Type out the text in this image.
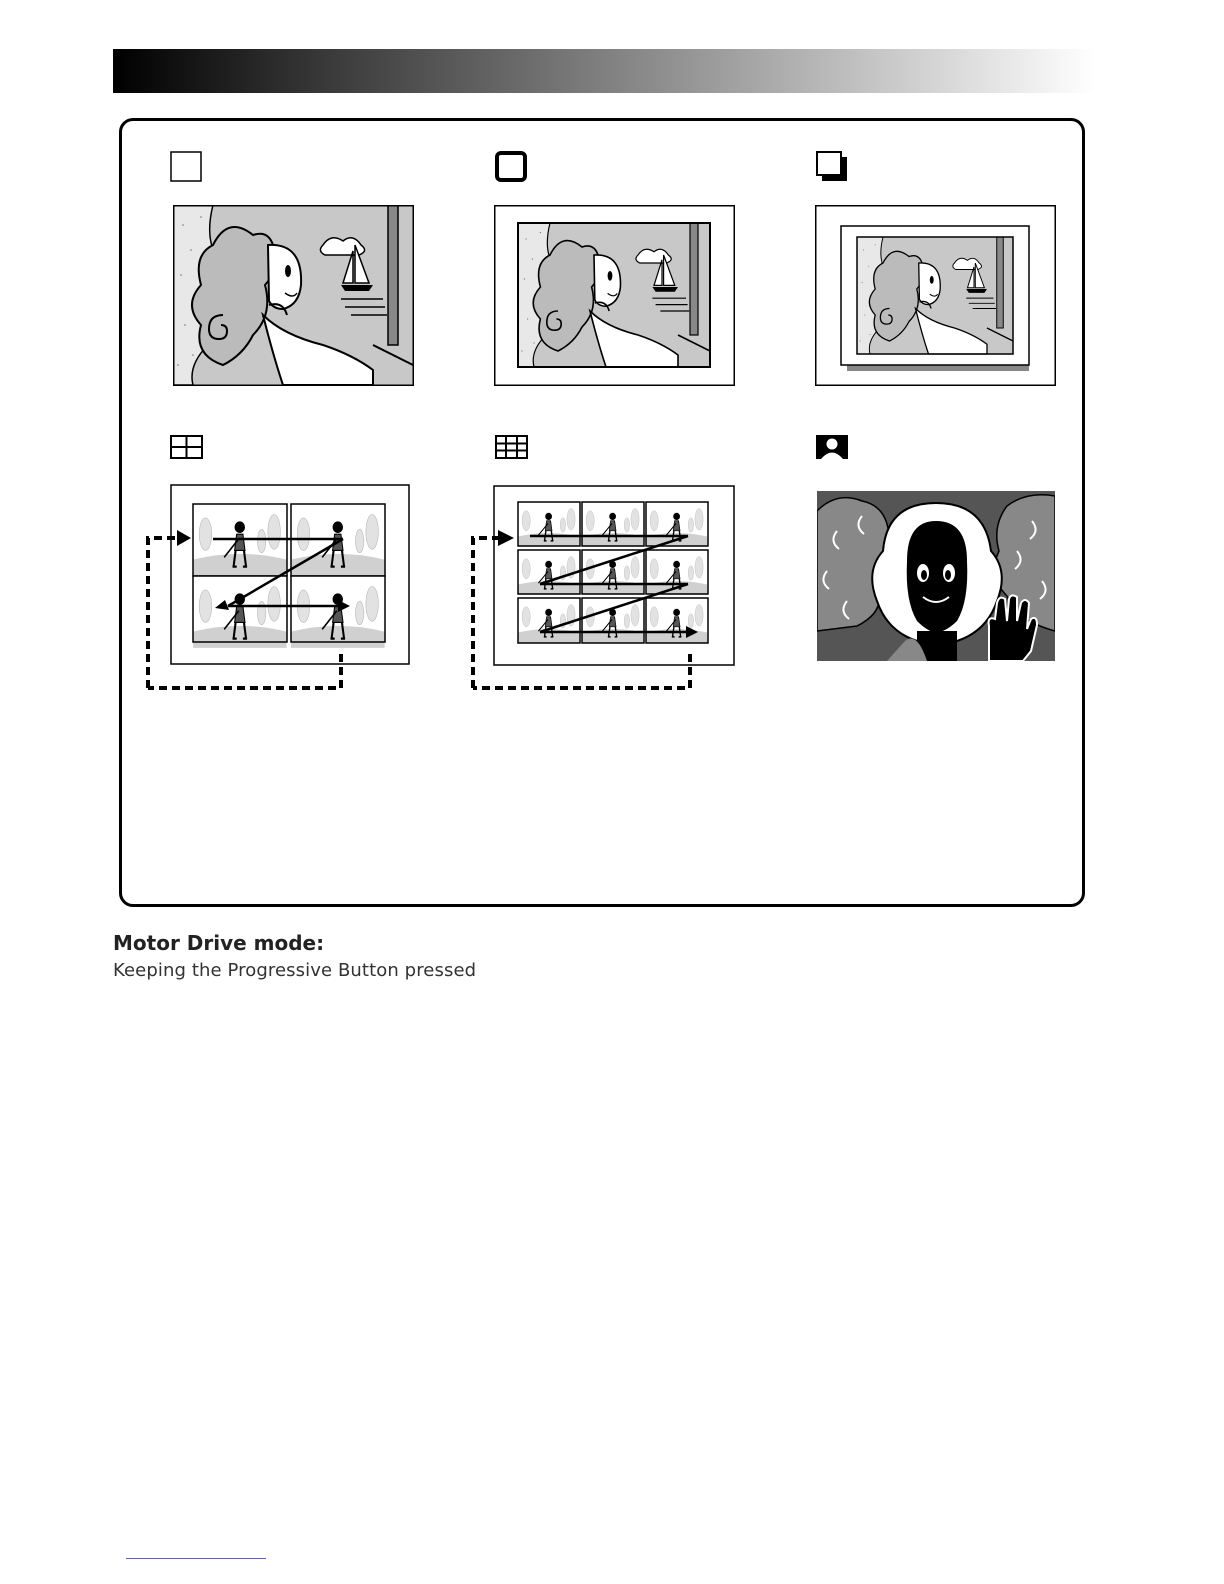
Motor Drive mode:

Keeping the Progressive Button pressed
